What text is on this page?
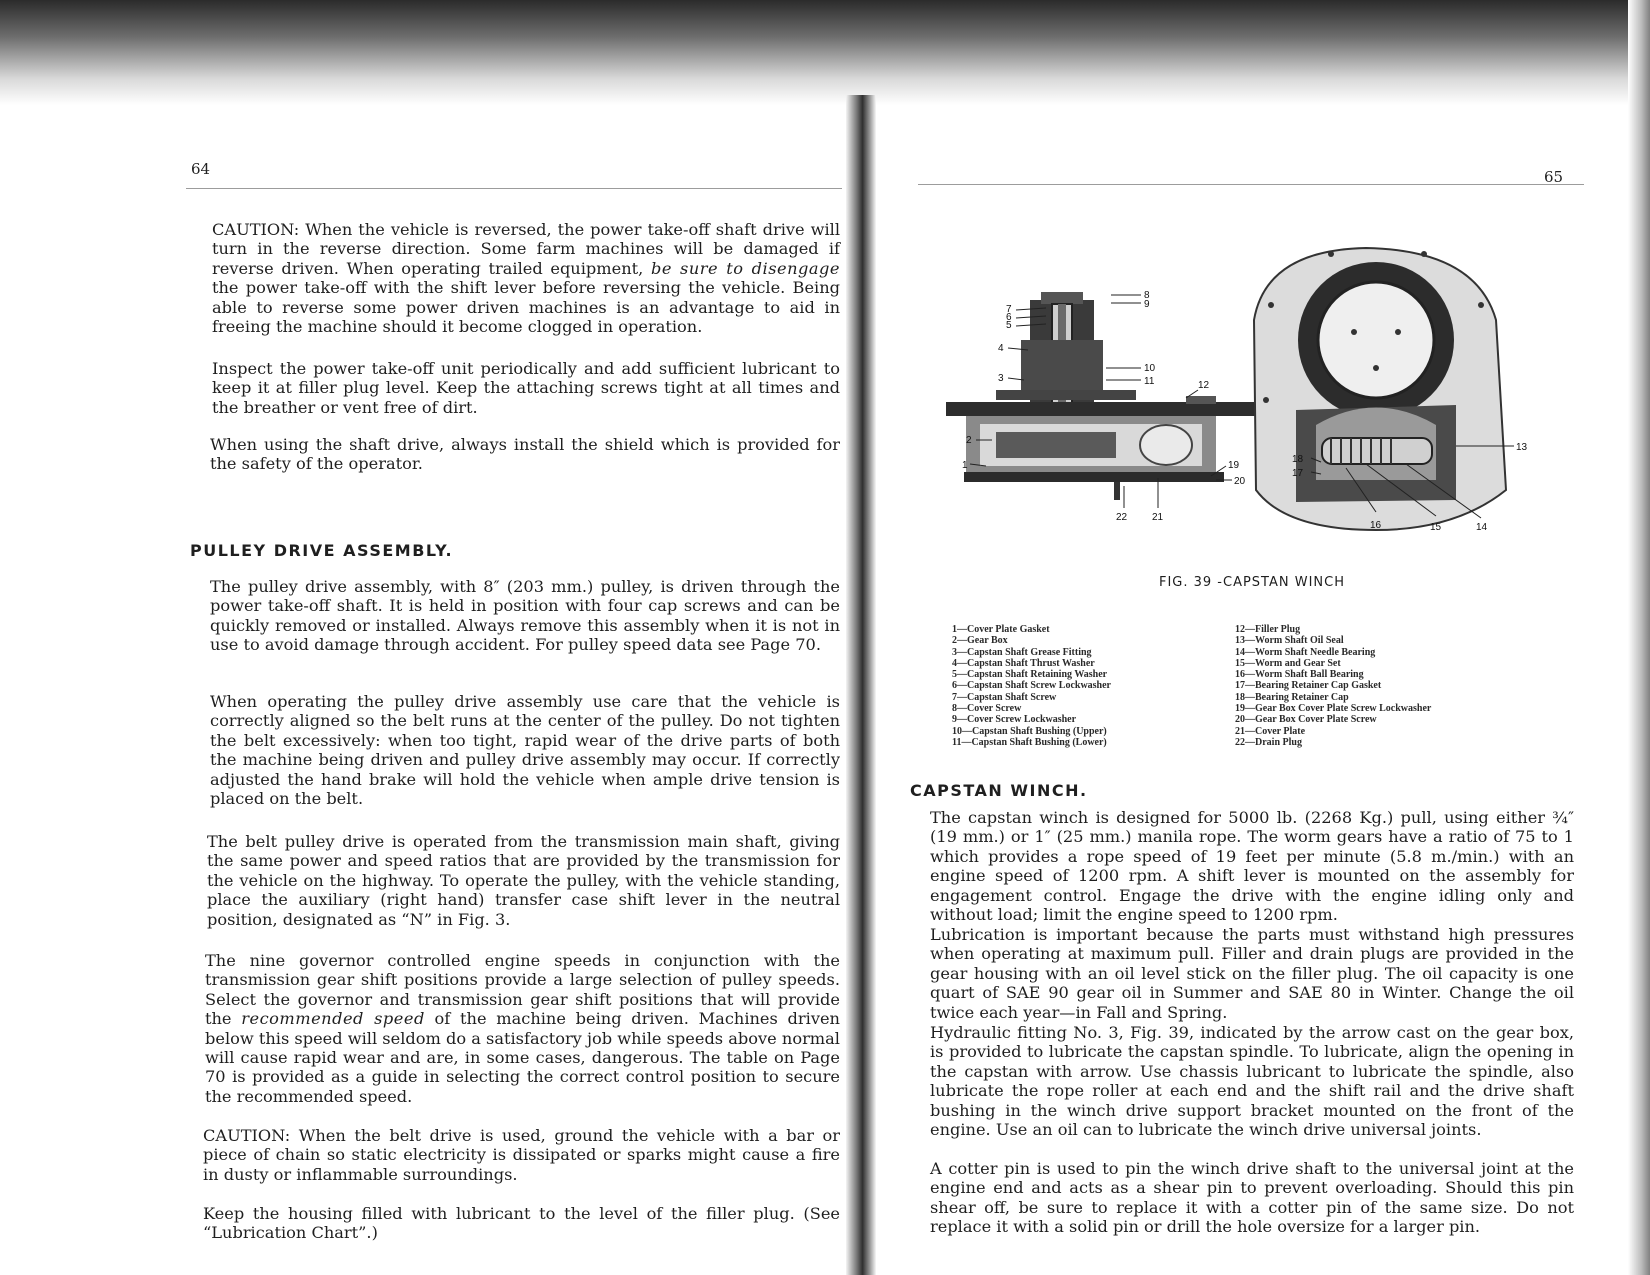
64

CAUTION: When the vehicle is reversed, the power take-off shaft drive will turn in the reverse direction. Some farm machines will be damaged if reverse driven. When operating trailed equipment, be sure to disengage the power take-off with the shift lever before reversing the vehicle. Being able to reverse some power driven machines is an advantage to aid in freeing the machine should it become clogged in operation.

Inspect the power take-off unit periodically and add sufficient lubricant to keep it at filler plug level. Keep the attaching screws tight at all times and the breather or vent free of dirt.

When using the shaft drive, always install the shield which is provided for the safety of the operator.

PULLEY DRIVE ASSEMBLY.

The pulley drive assembly, with 8″ (203 mm.) pulley, is driven through the power take-off shaft. It is held in position with four cap screws and can be quickly removed or installed. Always remove this assembly when it is not in use to avoid damage through accident. For pulley speed data see Page 70.

When operating the pulley drive assembly use care that the vehicle is correctly aligned so the belt runs at the center of the pulley. Do not tighten the belt excessively: when too tight, rapid wear of the drive parts of both the machine being driven and pulley drive assembly may occur. If correctly adjusted the hand brake will hold the vehicle when ample drive tension is placed on the belt.

The belt pulley drive is operated from the transmission main shaft, giving the same power and speed ratios that are provided by the transmission for the vehicle on the highway. To operate the pulley, with the vehicle standing, place the auxiliary (right hand) transfer case shift lever in the neutral position, designated as “N” in Fig. 3.

The nine governor controlled engine speeds in conjunction with the transmission gear shift positions provide a large selection of pulley speeds. Select the governor and transmission gear shift positions that will provide the recommended speed of the machine being driven. Machines driven below this speed will seldom do a satisfactory job while speeds above normal will cause rapid wear and are, in some cases, dangerous. The table on Page 70 is provided as a guide in selecting the correct control position to secure the recommended speed.

CAUTION: When the belt drive is used, ground the vehicle with a bar or piece of chain so static electricity is dissipated or sparks might cause a fire in dusty or inflammable surroundings.

Keep the housing filled with lubricant to the level of the filler plug. (See “Lubrication Chart”.)

65
7
6
5
4
3
2
1
8
9
10
11	12
19
20
22 21
13
14
15
16
17
18
FIG. 39 -CAPSTAN WINCH
1—Cover Plate Gasket
2—Gear Box
3—Capstan Shaft Grease Fitting
4—Capstan Shaft Thrust Washer
5—Capstan Shaft Retaining Washer
6—Capstan Shaft Screw Lockwasher
7—Capstan Shaft Screw
8—Cover Screw
9—Cover Screw Lockwasher
10—Capstan Shaft Bushing (Upper)
11—Capstan Shaft Bushing (Lower)
12—Filler Plug
13—Worm Shaft Oil Seal
14—Worm Shaft Needle Bearing
15—Worm and Gear Set
16—Worm Shaft Ball Bearing
17—Bearing Retainer Cap Gasket
18—Bearing Retainer Cap
19—Gear Box Cover Plate Screw Lockwasher
20—Gear Box Cover Plate Screw
21—Cover Plate
22—Drain Plug
CAPSTAN WINCH.

The capstan winch is designed for 5000 lb. (2268 Kg.) pull, using either ¾″ (19 mm.) or 1″ (25 mm.) manila rope. The worm gears have a ratio of 75 to 1 which provides a rope speed of 19 feet per minute (5.8 m./min.) with an engine speed of 1200 rpm. A shift lever is mounted on the assembly for engagement control. Engage the drive with the engine idling only and without load; limit the engine speed to 1200 rpm.

Lubrication is important because the parts must withstand high pressures when operating at maximum pull. Filler and drain plugs are provided in the gear housing with an oil level stick on the filler plug. The oil capacity is one quart of SAE 90 gear oil in Summer and SAE 80 in Winter. Change the oil twice each year—in Fall and Spring.

Hydraulic fitting No. 3, Fig. 39, indicated by the arrow cast on the gear box, is provided to lubricate the capstan spindle. To lubricate, align the opening in the capstan with arrow. Use chassis lubricant to lubricate the spindle, also lubricate the rope roller at each end and the shift rail and the drive shaft bushing in the winch drive support bracket mounted on the front of the engine. Use an oil can to lubricate the winch drive universal joints.

A cotter pin is used to pin the winch drive shaft to the universal joint at the engine end and acts as a shear pin to prevent overloading. Should this pin shear off, be sure to replace it with a cotter pin of the same size. Do not replace it with a solid pin or drill the hole oversize for a larger pin.
